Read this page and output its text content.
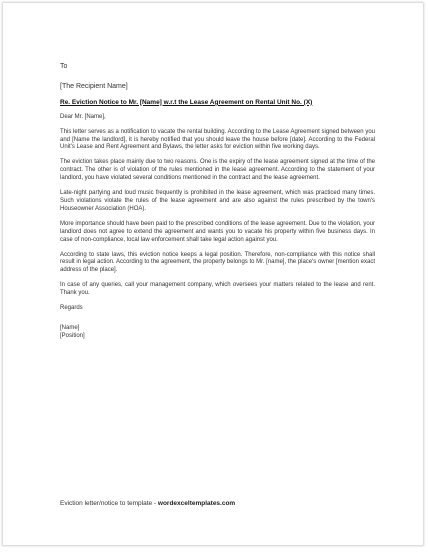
To
[The Recipient Name]
Re. Eviction Notice to Mr. [Name] w.r.t the Lease Agreement on Rental Unit No. (X)

Dear Mr. [Name],

This letter serves as a notification to vacate the rental building. According to the Lease Agreement signed between you and [Name the landlord], it is hereby notified that you should leave the house before [date]. According to the Federal Unit's Lease and Rent Agreement and Bylaws, the letter asks for eviction within five working days.

The eviction takes place mainly due to two reasons. One is the expiry of the lease agreement signed at the time of the contract. The other is of violation of the rules mentioned in the lease agreement. According to the statement of your landlord, you have violated several conditions mentioned in the contract and the lease agreement.

Late-night partying and loud music frequently is prohibited in the lease agreement, which was practiced many times. Such violations violate the rules of the lease agreement and are also against the rules prescribed by the town's Houseowner Association (HOA).

More importance should have been paid to the prescribed conditions of the lease agreement. Due to the violation, your landlord does not agree to extend the agreement and wants you to vacate his property within five business days. In case of non-compliance, local law enforcement shall take legal action against you.

According to state laws, this eviction notice keeps a legal position. Therefore, non-compliance with this notice shall result in legal action. According to the agreement, the property belongs to Mr. [name], the place's owner [mention exact address of the place].

In case of any queries, call your management company, which oversees your matters related to the lease and rent. Thank you.

Regards

[Name]

[Position]

Eviction letter/notice to template - wordexceltemplates.com
